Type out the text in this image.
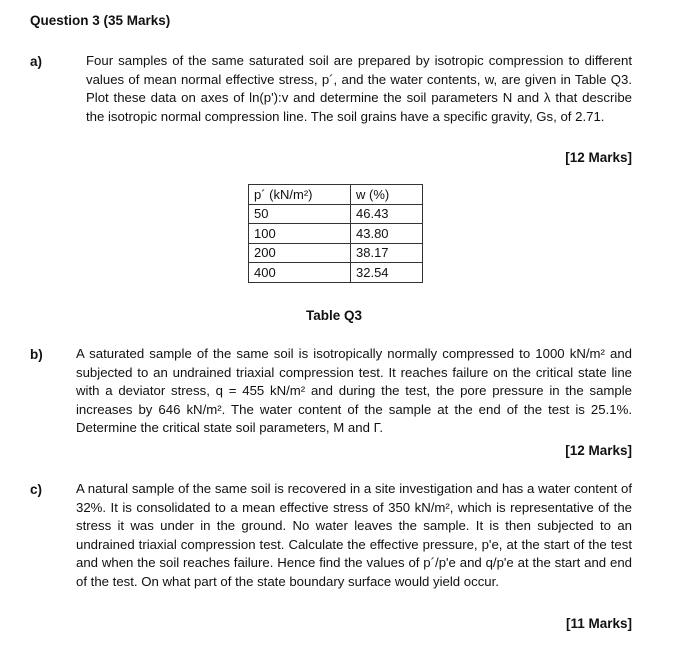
Question 3 (35 Marks)
a)	Four samples of the same saturated soil are prepared by isotropic compression to different values of mean normal effective stress, p´, and the water contents, w, are given in Table Q3. Plot these data on axes of ln(p'):v and determine the soil parameters N and λ that describe the isotropic normal compression line. The soil grains have a specific gravity, Gs, of 2.71.
[12 Marks]
p´ (kN/m²)	w (%)
50	46.43
100	43.80
200	38.17
400	32.54
Table Q3
b)	A saturated sample of the same soil is isotropically normally compressed to 1000 kN/m² and subjected to an undrained triaxial compression test. It reaches failure on the critical state line with a deviator stress, q = 455 kN/m² and during the test, the pore pressure in the sample increases by 646 kN/m². The water content of the sample at the end of the test is 25.1%. Determine the critical state soil parameters, M and Γ.
[12 Marks]
c)	A natural sample of the same soil is recovered in a site investigation and has a water content of 32%. It is consolidated to a mean effective stress of 350 kN/m², which is representative of the stress it was under in the ground. No water leaves the sample. It is then subjected to an undrained triaxial compression test. Calculate the effective pressure, p'e, at the start of the test and when the soil reaches failure. Hence find the values of p´/p'e and q/p'e at the start and end of the test. On what part of the state boundary surface would yield occur.
[11 Marks]
